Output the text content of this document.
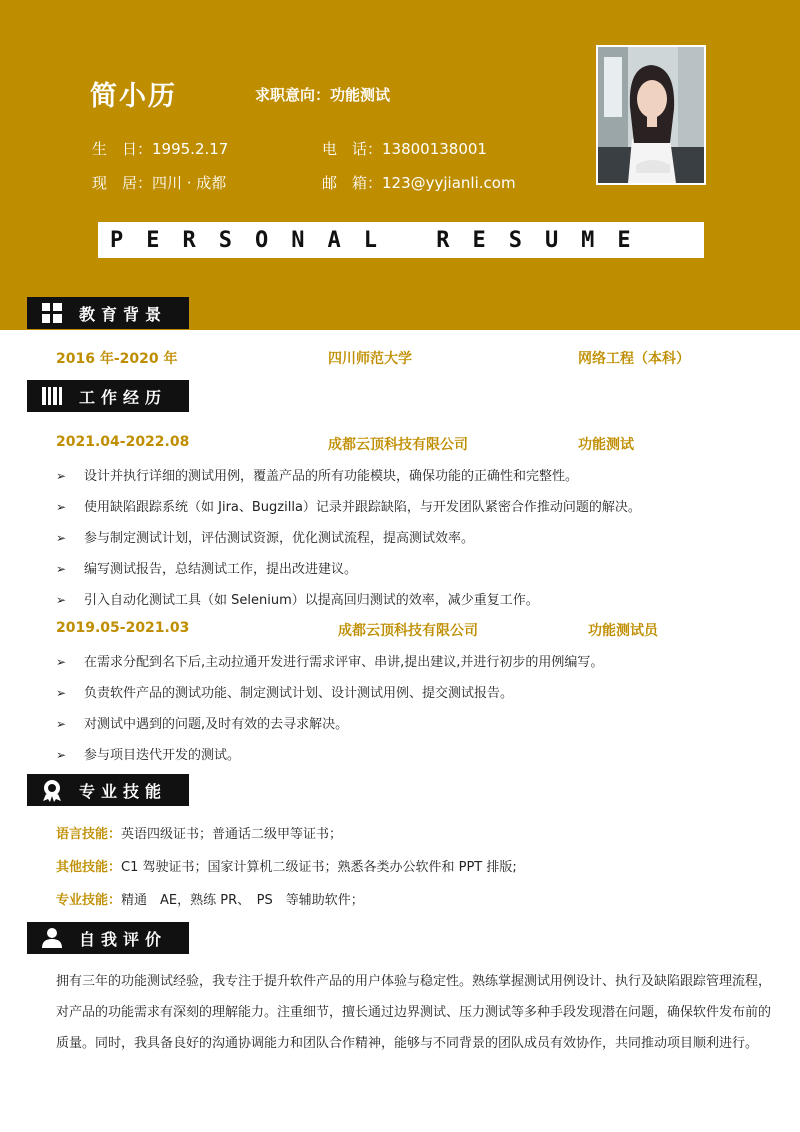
简小历	求职意向：功能测试
生　日：1995.2.17	电　话：13800138001
现　居：四川 · 成都	邮　箱：123@yyjianli.com
PERSONAL RESUME
教育背景
2016 年-2020 年	四川师范大学	网络工程（本科）
工作经历
2021.04-2022.08	成都云顶科技有限公司	功能测试
➢ 设计并执行详细的测试用例，覆盖产品的所有功能模块，确保功能的正确性和完整性。
➢ 使用缺陷跟踪系统（如 Jira、Bugzilla）记录并跟踪缺陷，与开发团队紧密合作推动问题的解决。
➢ 参与制定测试计划，评估测试资源，优化测试流程，提高测试效率。
➢ 编写测试报告，总结测试工作，提出改进建议。
➢ 引入自动化测试工具（如 Selenium）以提高回归测试的效率，减少重复工作。
2019.05-2021.03	成都云顶科技有限公司	功能测试员
➢ 在需求分配到名下后,主动拉通开发进行需求评审、串讲,提出建议,并进行初步的用例编写。
➢ 负责软件产品的测试功能、制定测试计划、设计测试用例、提交测试报告。
➢ 对测试中遇到的问题,及时有效的去寻求解决。
➢ 参与项目迭代开发的测试。
专业技能
语言技能：英语四级证书；普通话二级甲等证书；
其他技能：C1 驾驶证书；国家计算机二级证书；熟悉各类办公软件和 PPT 排版;
专业技能：精通　AE，熟练 PR、　PS　等辅助软件；
自我评价
拥有三年的功能测试经验，我专注于提升软件产品的用户体验与稳定性。熟练掌握测试用例设计、执行及缺陷跟踪管理流程，对产品的功能需求有深刻的理解能力。注重细节，擅长通过边界测试、压力测试等多种手段发现潜在问题，确保软件发布前的质量。同时，我具备良好的沟通协调能力和团队合作精神，能够与不同背景的团队成员有效协作，共同推动项目顺利进行。
